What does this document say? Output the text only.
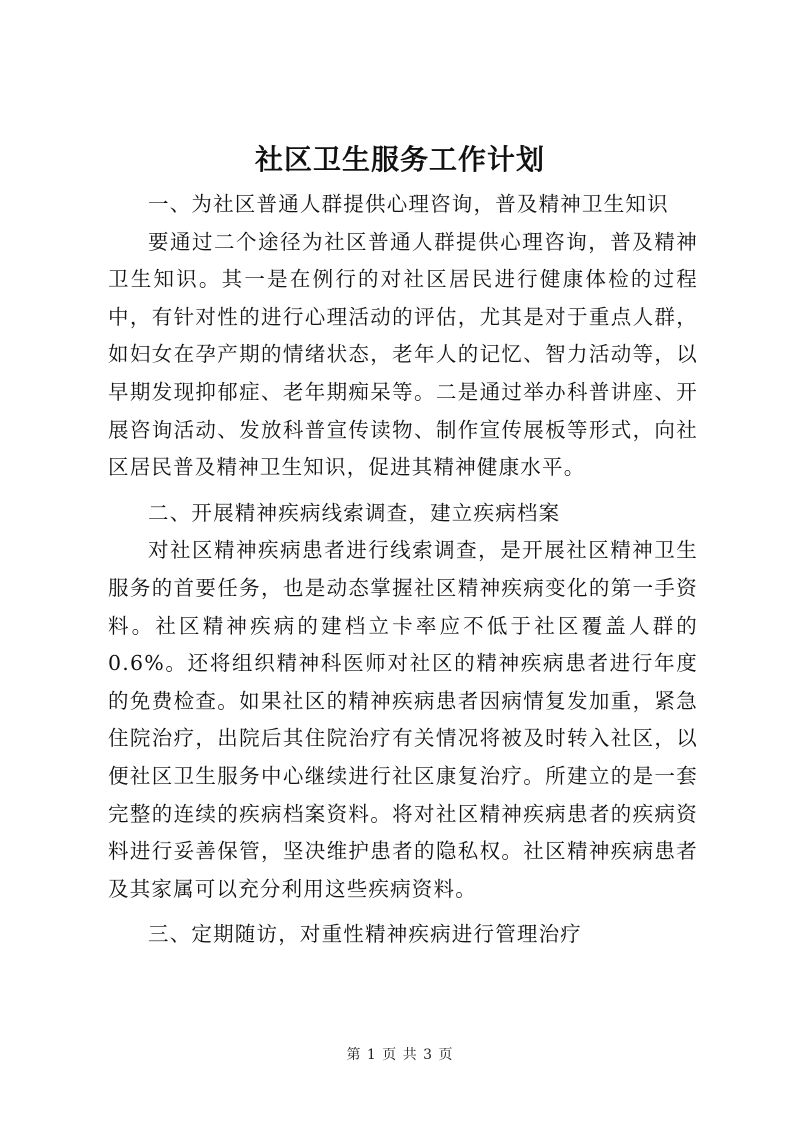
社区卫生服务工作计划

一、为社区普通人群提供心理咨询，普及精神卫生知识

要通过二个途径为社区普通人群提供心理咨询，普及精神卫生知识。其一是在例行的对社区居民进行健康体检的过程中，有针对性的进行心理活动的评估，尤其是对于重点人群，如妇女在孕产期的情绪状态，老年人的记忆、智力活动等，以早期发现抑郁症、老年期痴呆等。二是通过举办科普讲座、开展咨询活动、发放科普宣传读物、制作宣传展板等形式，向社区居民普及精神卫生知识，促进其精神健康水平。

二、开展精神疾病线索调查，建立疾病档案

对社区精神疾病患者进行线索调查，是开展社区精神卫生服务的首要任务，也是动态掌握社区精神疾病变化的第一手资料。社区精神疾病的建档立卡率应不低于社区覆盖人群的0.6%。还将组织精神科医师对社区的精神疾病患者进行年度的免费检查。如果社区的精神疾病患者因病情复发加重，紧急住院治疗，出院后其住院治疗有关情况将被及时转入社区，以便社区卫生服务中心继续进行社区康复治疗。所建立的是一套完整的连续的疾病档案资料。将对社区精神疾病患者的疾病资料进行妥善保管，坚决维护患者的隐私权。社区精神疾病患者及其家属可以充分利用这些疾病资料。

三、定期随访，对重性精神疾病进行管理治疗

第 1 页 共 3 页
